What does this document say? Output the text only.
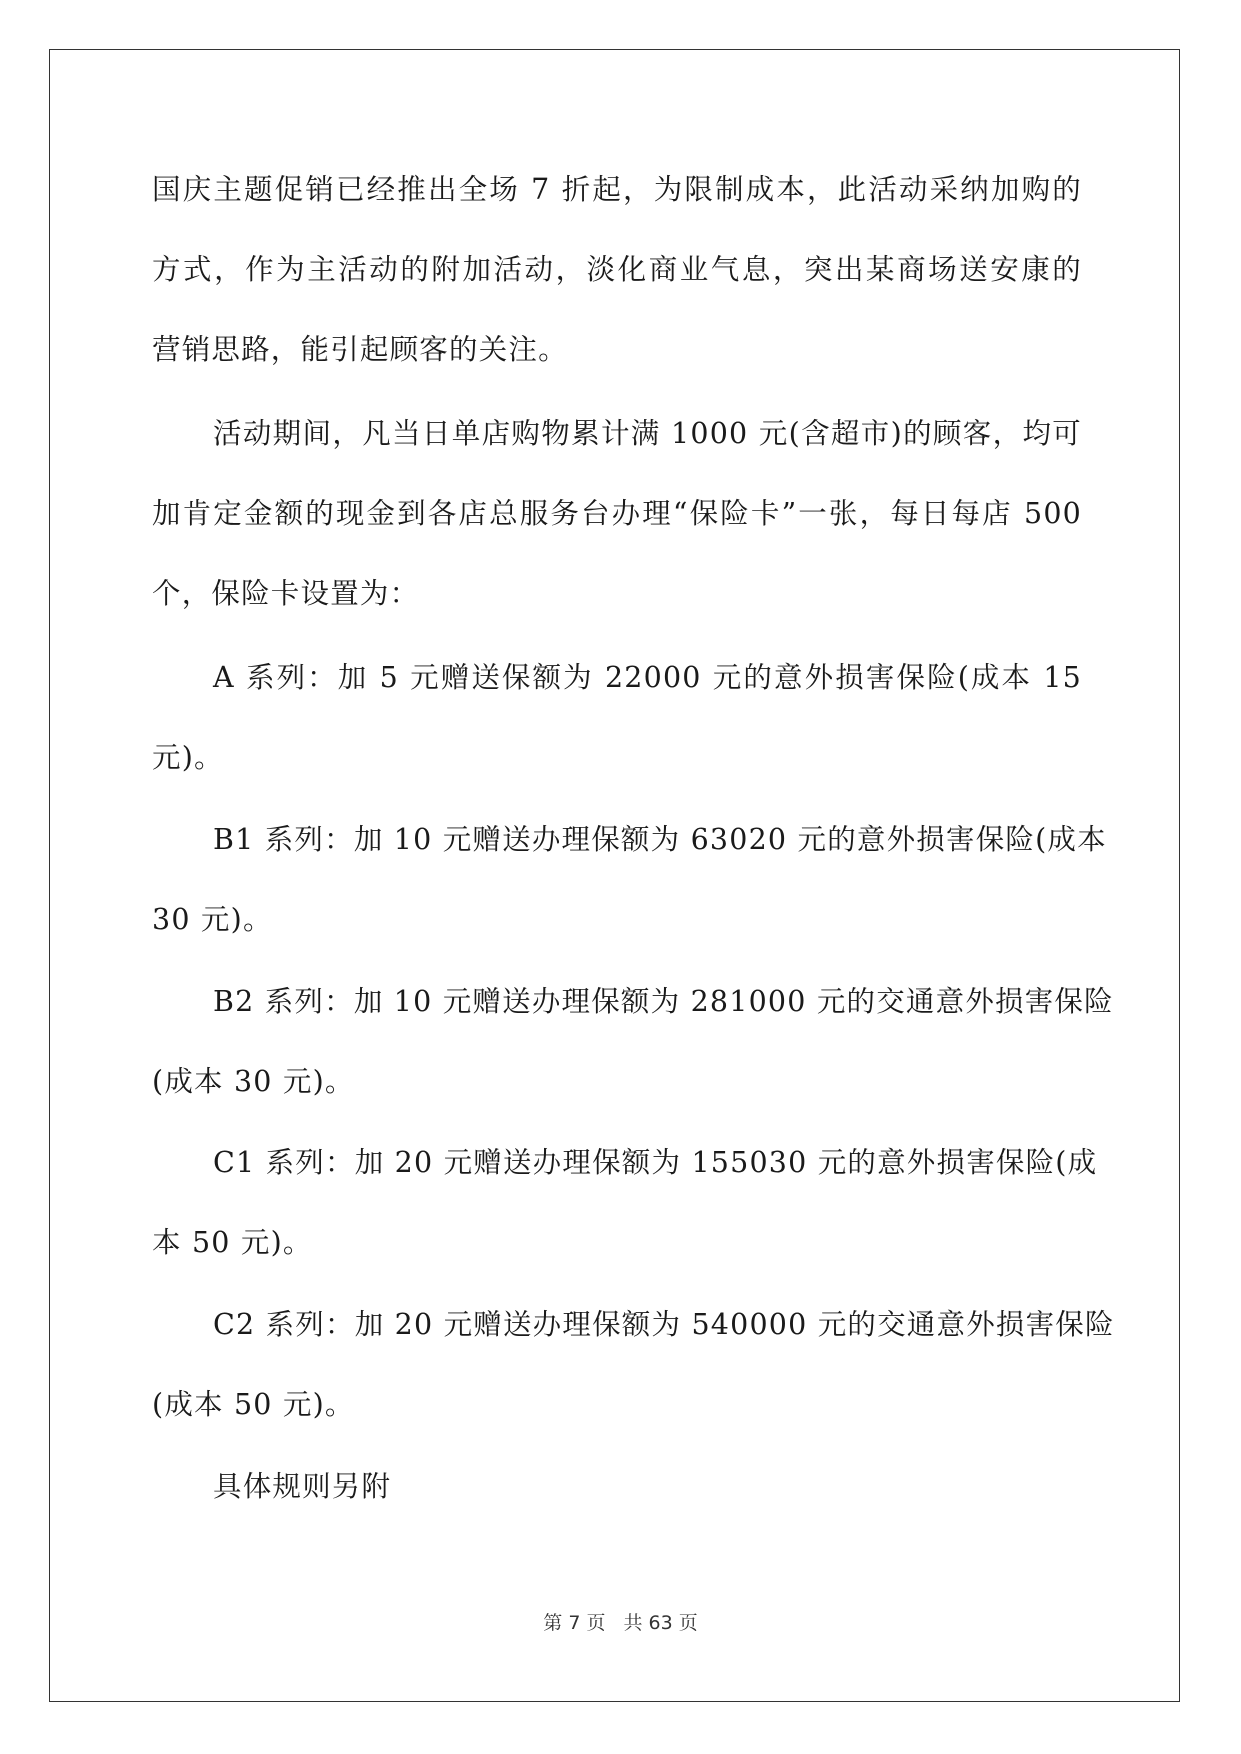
国庆主题促销已经推出全场 7 折起，为限制成本，此活动采纳加购的
方式，作为主活动的附加活动，淡化商业气息，突出某商场送安康的
营销思路，能引起顾客的关注。
活动期间，凡当日单店购物累计满 1000 元(含超市)的顾客，均可
加肯定金额的现金到各店总服务台办理“保险卡”一张，每日每店 500
个，保险卡设置为：
A 系列：加 5 元赠送保额为 22000 元的意外损害保险(成本 15
元)。
B1 系列：加 10 元赠送办理保额为 63020 元的意外损害保险(成本
30 元)。
B2 系列：加 10 元赠送办理保额为 281000 元的交通意外损害保险
(成本 30 元)。
C1 系列：加 20 元赠送办理保额为 155030 元的意外损害保险(成
本 50 元)。
C2 系列：加 20 元赠送办理保额为 540000 元的交通意外损害保险
(成本 50 元)。
具体规则另附
第 7 页 共 63 页
